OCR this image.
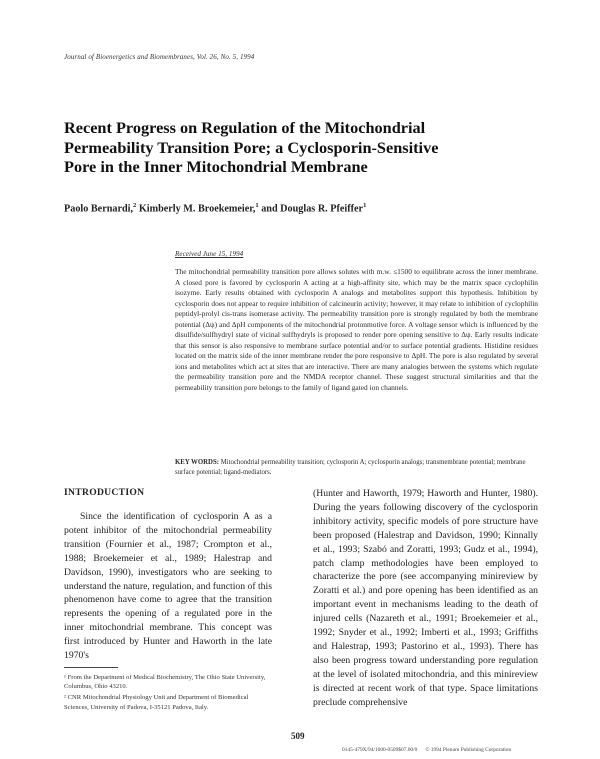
Journal of Bioenergetics and Biomembranes, Vol. 26, No. 5, 1994
Recent Progress on Regulation of the Mitochondrial
Permeability Transition Pore; a Cyclosporin-Sensitive
Pore in the Inner Mitochondrial Membrane
Paolo Bernardi,$^2$ Kimberly M. Broekemeier,$^1$ and Douglas R. Pfeiffer$^1$
Received June 15, 1994
The mitochondrial permeability transition pore allows solutes with m.w. ≤1500 to equilibrate across the inner membrane. A closed pore is favored by cyclosporin A acting at a high-affinity site, which may be the matrix space cyclophilin isozyme. Early results obtained with cyclosporin A analogs and metabolites support this hypothesis. Inhibition by cyclosporin does not appear to require inhibition of calcineurin activity; however, it may relate to inhibition of cyclophilin peptidyl-prolyl cis-trans isomerase activity. The permeability transition pore is strongly regulated by both the membrane potential (Δψ) and ΔpH components of the mitochondrial protonmotive force. A voltage sensor which is influenced by the disulfide/sulfhydryl state of vicinal sulfhydryls is proposed to render pore opening sensitive to Δψ. Early results indicate that this sensor is also responsive to membrane surface potential and/or to surface potential gradients. Histidine residues located on the matrix side of the inner membrane render the pore responsive to ΔpH. The pore is also regulated by several ions and metabolites which act at sites that are interactive. There are many analogies between the systems which regulate the permeability transition pore and the NMDA receptor channel. These suggest structural similarities and that the permeability transition pore belongs to the family of ligand gated ion channels.
KEY WORDS: Mitochondrial permeability transition; cyclosporin A; cyclosporin analogs; transmembrane potential; membrane surface potential; ligand-mediators.
INTRODUCTION
Since the identification of cyclosporin A as a potent inhibitor of the mitochondrial permeability transition (Fournier et al., 1987; Crompton et al., 1988; Broekemeier et al., 1989; Halestrap and Davidson, 1990), investigators who are seeking to understand the nature, regulation, and function of this phenomenon have come to agree that the transition represents the opening of a regulated pore in the inner mitochondrial membrane. This concept was first introduced by Hunter and Haworth in the late 1970's
(Hunter and Haworth, 1979; Haworth and Hunter, 1980). During the years following discovery of the cyclosporin inhibitory activity, specific models of pore structure have been proposed (Halestrap and Davidson, 1990; Kinnally et al., 1993; Szabó and Zoratti, 1993; Gudz et al., 1994), patch clamp methodologies have been employed to characterize the pore (see accompanying minireview by Zoratti et al.) and pore opening has been identified as an important event in mechanisms leading to the death of injured cells (Nazareth et al., 1991; Broekemeier et al., 1992; Snyder et al., 1992; Imberti et al., 1993; Griffiths and Halestrap, 1993; Pastorino et al., 1993). There has also been progress toward understanding pore regulation at the level of isolated mitochondria, and this minireview is directed at recent work of that type. Space limitations preclude comprehensive

¹ From the Department of Medical Biochemistry, The Ohio State University, Columbus, Ohio 43210.

² CNR Mitochondrial Physiology Unit and Department of Biomedical Sciences, University of Padova, I-35121 Padova, Italy.

509
0145-479X/94/1000-0509$07.00/0 © 1994 Plenum Publishing Corporation
